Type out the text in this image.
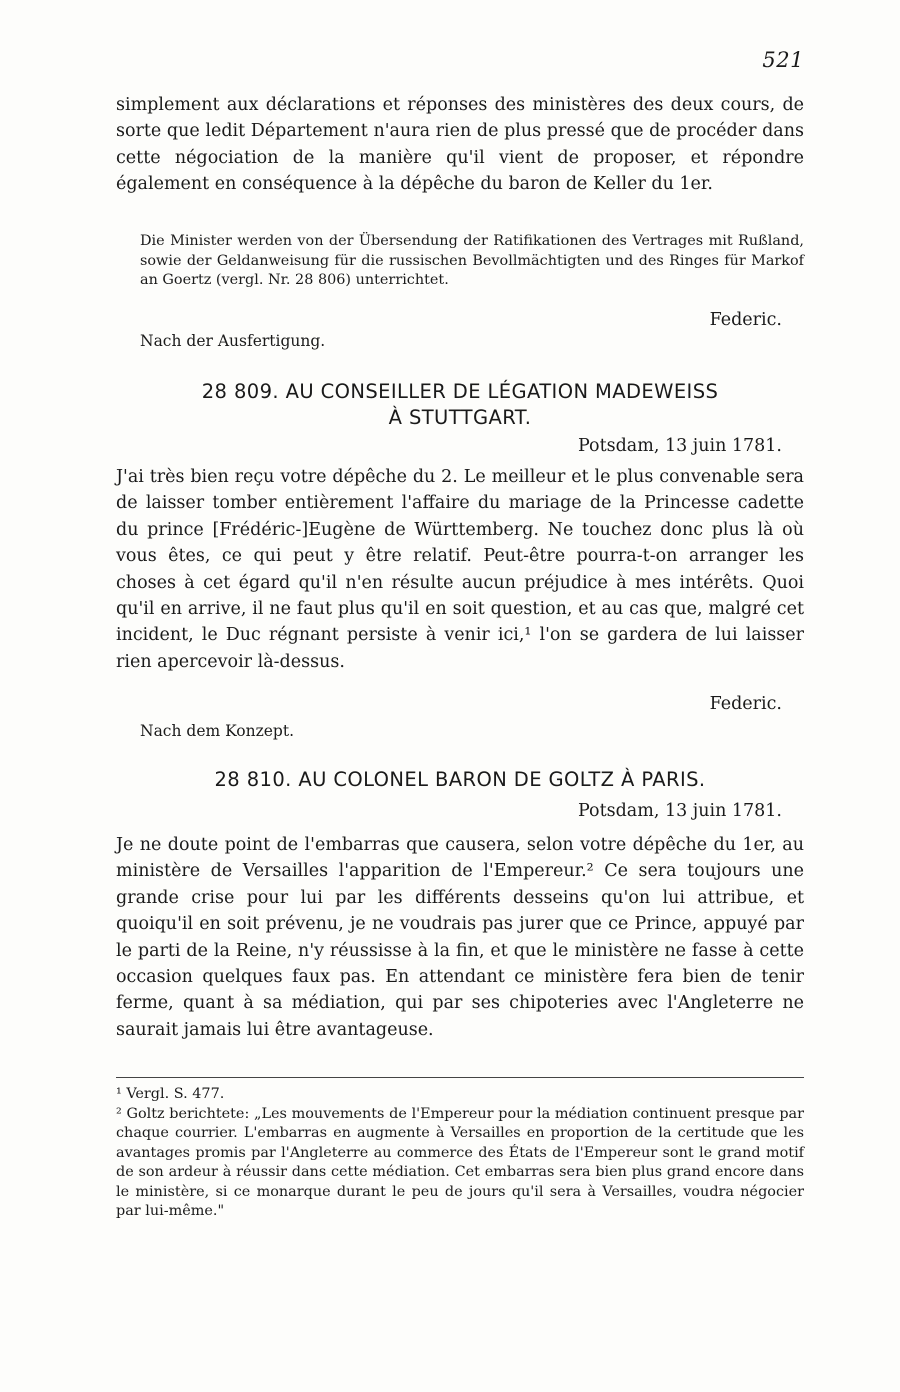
521

simplement aux déclarations et réponses des ministères des deux cours, de sorte que ledit Département n'aura rien de plus pressé que de procéder dans cette négociation de la manière qu'il vient de proposer, et répondre également en conséquence à la dépêche du baron de Keller du 1er.

Die Minister werden von der Übersendung der Ratifikationen des Vertrages mit Rußland, sowie der Geldanweisung für die russischen Bevollmächtigten und des Ringes für Markof an Goertz (vergl. Nr. 28 806) unterrichtet.

Federic.
Nach der Ausfertigung.
28 809. AU CONSEILLER DE LÉGATION MADEWEISS
À STUTTGART.
Potsdam, 13 juin 1781.

J'ai très bien reçu votre dépêche du 2. Le meilleur et le plus convenable sera de laisser tomber entièrement l'affaire du mariage de la Princesse cadette du prince [Frédéric-]Eugène de Württemberg. Ne touchez donc plus là où vous êtes, ce qui peut y être relatif. Peut-être pourra-t-on arranger les choses à cet égard qu'il n'en résulte aucun préjudice à mes intérêts. Quoi qu'il en arrive, il ne faut plus qu'il en soit question, et au cas que, malgré cet incident, le Duc régnant persiste à venir ici,¹ l'on se gardera de lui laisser rien apercevoir là-dessus.

Federic.
Nach dem Konzept.
28 810. AU COLONEL BARON DE GOLTZ À PARIS.
Potsdam, 13 juin 1781.

Je ne doute point de l'embarras que causera, selon votre dépêche du 1er, au ministère de Versailles l'apparition de l'Empereur.² Ce sera toujours une grande crise pour lui par les différents desseins qu'on lui attribue, et quoiqu'il en soit prévenu, je ne voudrais pas jurer que ce Prince, appuyé par le parti de la Reine, n'y réussisse à la fin, et que le ministère ne fasse à cette occasion quelques faux pas. En attendant ce ministère fera bien de tenir ferme, quant à sa médiation, qui par ses chipoteries avec l'Angleterre ne saurait jamais lui être avantageuse.

¹ Vergl. S. 477.

² Goltz berichtete: „Les mouvements de l'Empereur pour la médiation continuent presque par chaque courrier. L'embarras en augmente à Versailles en proportion de la certitude que les avantages promis par l'Angleterre au commerce des États de l'Empereur sont le grand motif de son ardeur à réussir dans cette médiation. Cet embarras sera bien plus grand encore dans le ministère, si ce monarque durant le peu de jours qu'il sera à Versailles, voudra négocier par lui-même."
